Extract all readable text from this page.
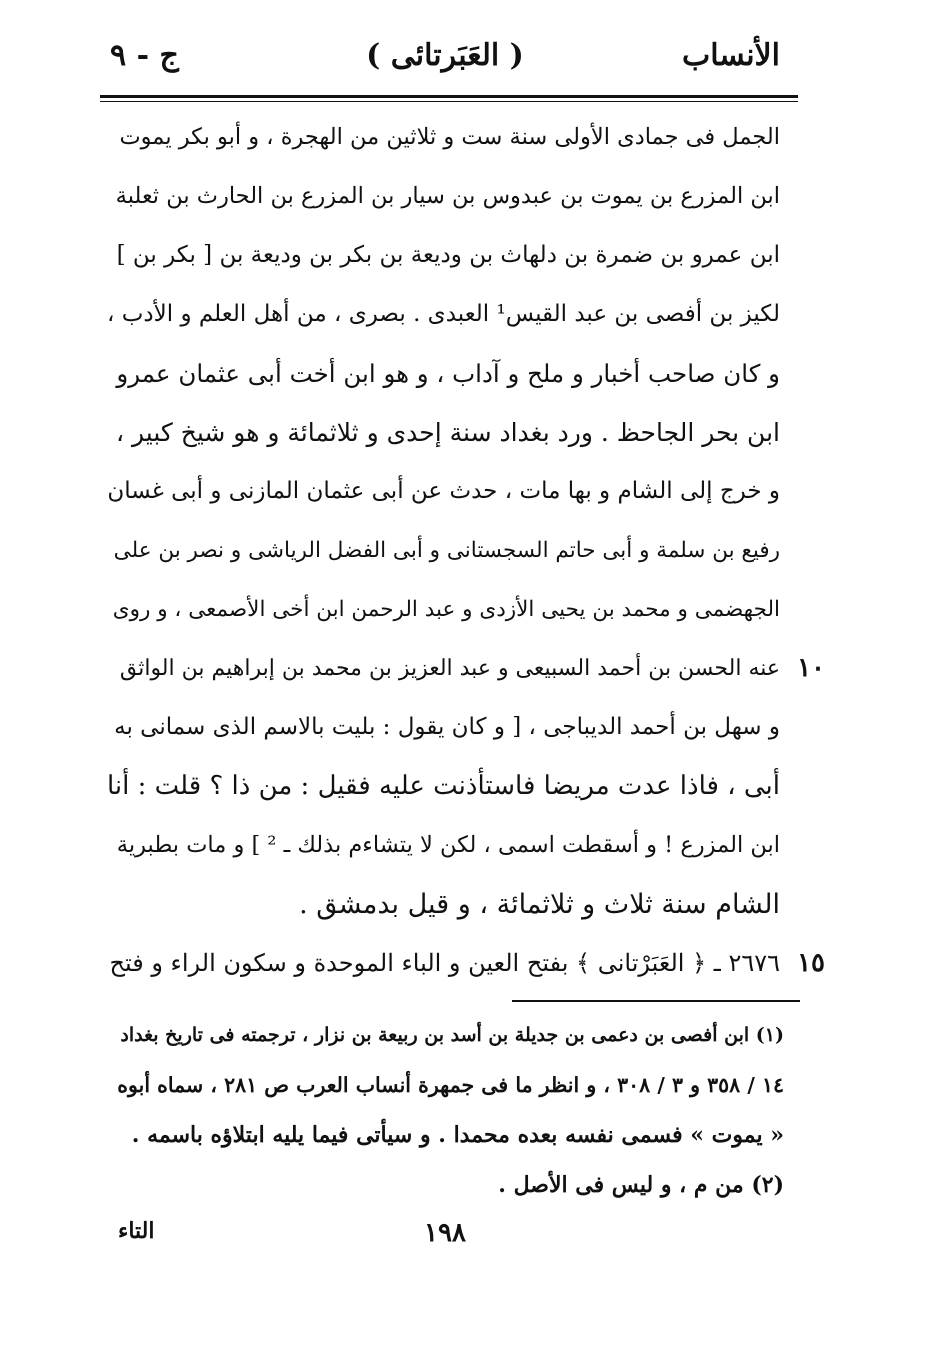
الأنساب
( العَبَرتائی )
ج - ٩
الجمل فى جمادى الأولى سنة ست و ثلاثين من الهجرة ، و أبو بكر يموت
ابن المزرع بن يموت بن عبدوس بن سيار بن المزرع بن الحارث بن ثعلبة
ابن عمرو بن ضمرة بن دلهاث بن وديعة بن بكر بن وديعة بن [ بكر بن ]
لكيز بن أفصى بن عبد القيس¹ العبدى . بصرى ، من أهل العلم و الأدب ،
و كان صاحب أخبار و ملح و آداب ، و هو ابن أخت أبى عثمان عمرو
ابن بحر الجاحظ . ورد بغداد سنة إحدى و ثلاثمائة و هو شيخ كبير ،
و خرج إلى الشام و بها مات ، حدث عن أبى عثمان المازنى و أبى غسان
رفيع بن سلمة و أبى حاتم السجستانى و أبى الفضل الرياشى و نصر بن على
الجهضمى و محمد بن يحيى الأزدى و عبد الرحمن ابن أخى الأصمعى ، و روى
عنه الحسن بن أحمد السبيعى و عبد العزيز بن محمد بن إبراهيم بن الواثق ١٠
و سهل بن أحمد الديباجى ، [ و كان يقول : بليت بالاسم الذى سمانى به
أبى ، فاذا عدت مريضا فاستأذنت عليه فقيل : من ذا ؟ قلت : أنا
ابن المزرع ! و أسقطت اسمى ، لكن لا يتشاءم بذلك ـ ² ] و مات بطبرية
الشام سنة ثلاث و ثلاثمائة ، و قيل بدمشق .
٢٦٧٦ ـ ﴿ العَبَرْتانى ﴾ بفتح العين و الباء الموحدة و سكون الراء و فتح ١٥
(١) ابن أفصى بن دعمى بن جديلة بن أسد بن ربيعة بن نزار ، ترجمته فى تاريخ بغداد
١٤ / ٣٥٨ و ٣ / ٣٠٨ ، و انظر ما فى جمهرة أنساب العرب ص ٢٨١ ، سماه أبوه
« يموت » فسمى نفسه بعده محمدا . و سيأتى فيما يليه ابتلاؤه باسمه .
(٢) من م ، و ليس فى الأصل .
١٩٨
التاء
